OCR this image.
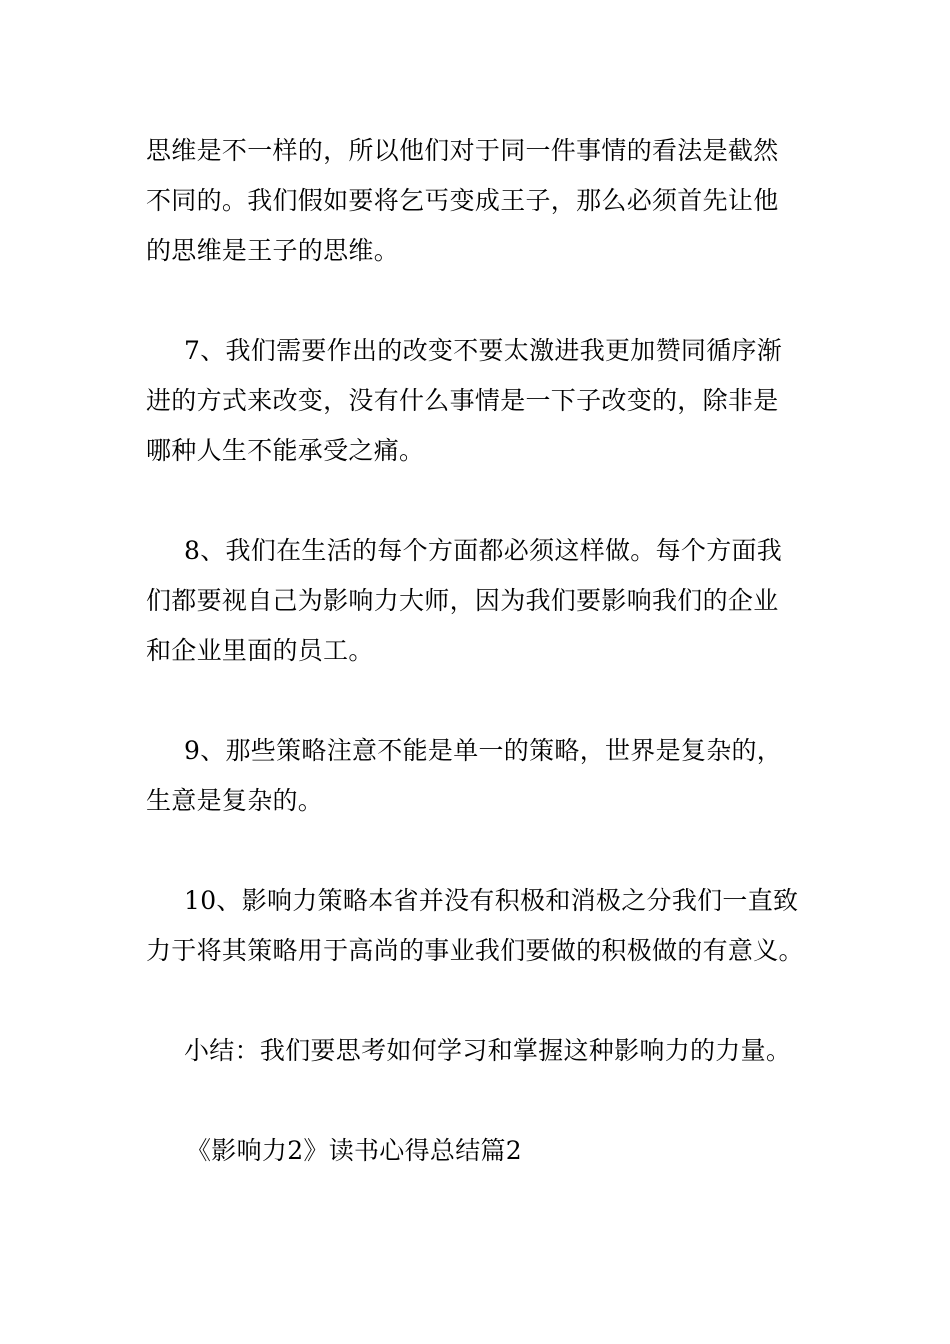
思维是不一样的，所以他们对于同一件事情的看法是截然
不同的。我们假如要将乞丐变成王子，那么必须首先让他
的思维是王子的思维。

7、我们需要作出的改变不要太激进我更加赞同循序渐
进的方式来改变，没有什么事情是一下子改变的，除非是
哪种人生不能承受之痛。

8、我们在生活的每个方面都必须这样做。每个方面我
们都要视自己为影响力大师，因为我们要影响我们的企业
和企业里面的员工。

9、那些策略注意不能是单一的策略，世界是复杂的，
生意是复杂的。

10、影响力策略本省并没有积极和消极之分我们一直致
力于将其策略用于高尚的事业我们要做的积极做的有意义。

小结：我们要思考如何学习和掌握这种影响力的力量。

《影响力2》读书心得总结篇2
